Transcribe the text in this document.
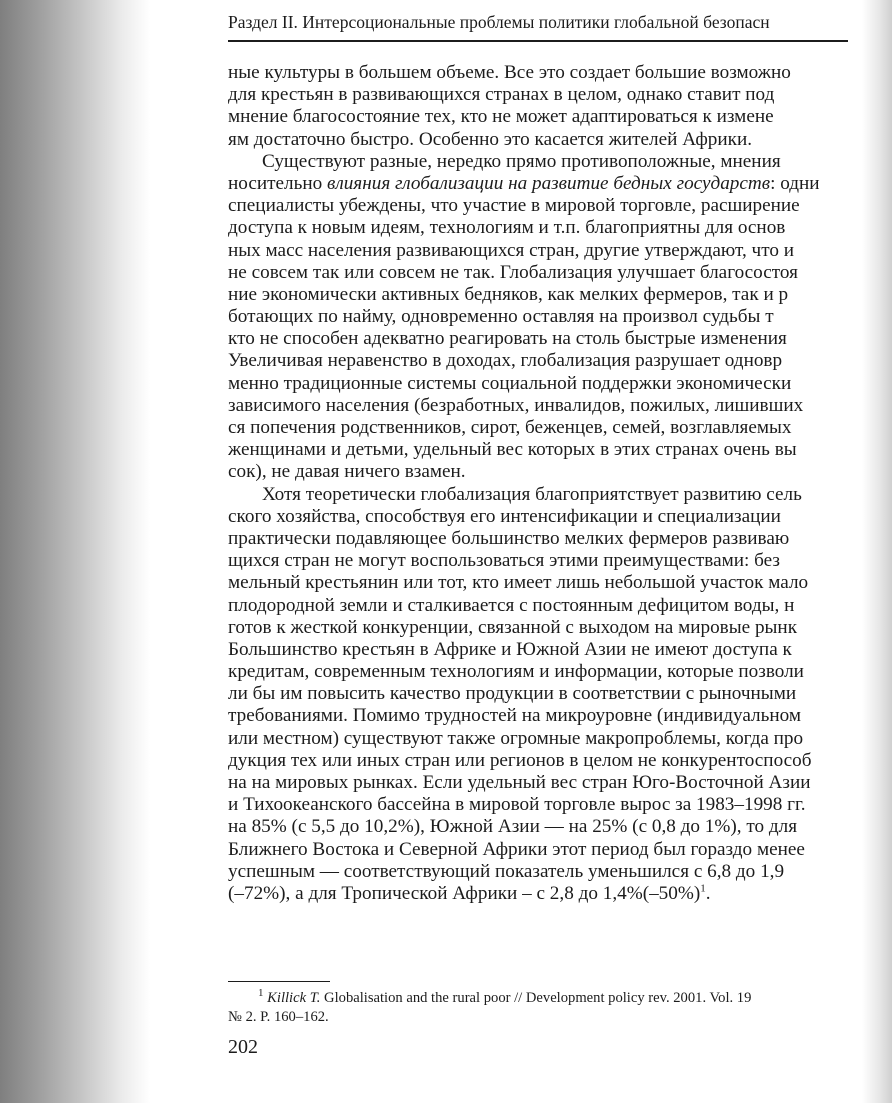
Раздел II. Интерсоциональные проблемы политики глобальной безопасн
ные культуры в большем объеме. Все это создает большие возможно
для крестьян в развивающихся странах в целом, однако ставит под
мнение благосостояние тех, кто не может адаптироваться к измене
ям достаточно быстро. Особенно это касается жителей Африки.
Существуют разные, нередко прямо противоположные, мнения
носительно влияния глобализации на развитие бедных государств: одни
специалисты убеждены, что участие в мировой торговле, расширение
доступа к новым идеям, технологиям и т.п. благоприятны для основ
ных масс населения развивающихся стран, другие утверждают, что и
не совсем так или совсем не так. Глобализация улучшает благосостоя
ние экономически активных бедняков, как мелких фермеров, так и р
ботающих по найму, одновременно оставляя на произвол судьбы т
кто не способен адекватно реагировать на столь быстрые изменения
Увеличивая неравенство в доходах, глобализация разрушает одновр
менно традиционные системы социальной поддержки экономически
зависимого населения (безработных, инвалидов, пожилых, лишивших
ся попечения родственников, сирот, беженцев, семей, возглавляемых
женщинами и детьми, удельный вес которых в этих странах очень вы
сок), не давая ничего взамен.
Хотя теоретически глобализация благоприятствует развитию сель
ского хозяйства, способствуя его интенсификации и специализации
практически подавляющее большинство мелких фермеров развиваю
щихся стран не могут воспользоваться этими преимуществами: без
мельный крестьянин или тот, кто имеет лишь небольшой участок мало
плодородной земли и сталкивается с постоянным дефицитом воды, н
готов к жесткой конкуренции, связанной с выходом на мировые рынк
Большинство крестьян в Африке и Южной Азии не имеют доступа к
кредитам, современным технологиям и информации, которые позволи
ли бы им повысить качество продукции в соответствии с рыночными
требованиями. Помимо трудностей на микроуровне (индивидуальном
или местном) существуют также огромные макропроблемы, когда про
дукция тех или иных стран или регионов в целом не конкурентоспособ
на на мировых рынках. Если удельный вес стран Юго-Восточной Азии
и Тихоокеанского бассейна в мировой торговле вырос за 1983–1998 гг.
на 85% (с 5,5 до 10,2%), Южной Азии — на 25% (с 0,8 до 1%), то для
Ближнего Востока и Северной Африки этот период был гораздо менее
успешным — соответствующий показатель уменьшился с 6,8 до 1,9
(–72%), а для Тропической Африки – с 2,8 до $1,4\%(-50\%)^1$.
$^1$ Killick T. Globalisation and the rural poor // Development policy rev. 2001. Vol. 19
№ 2. P. 160–162.
202
